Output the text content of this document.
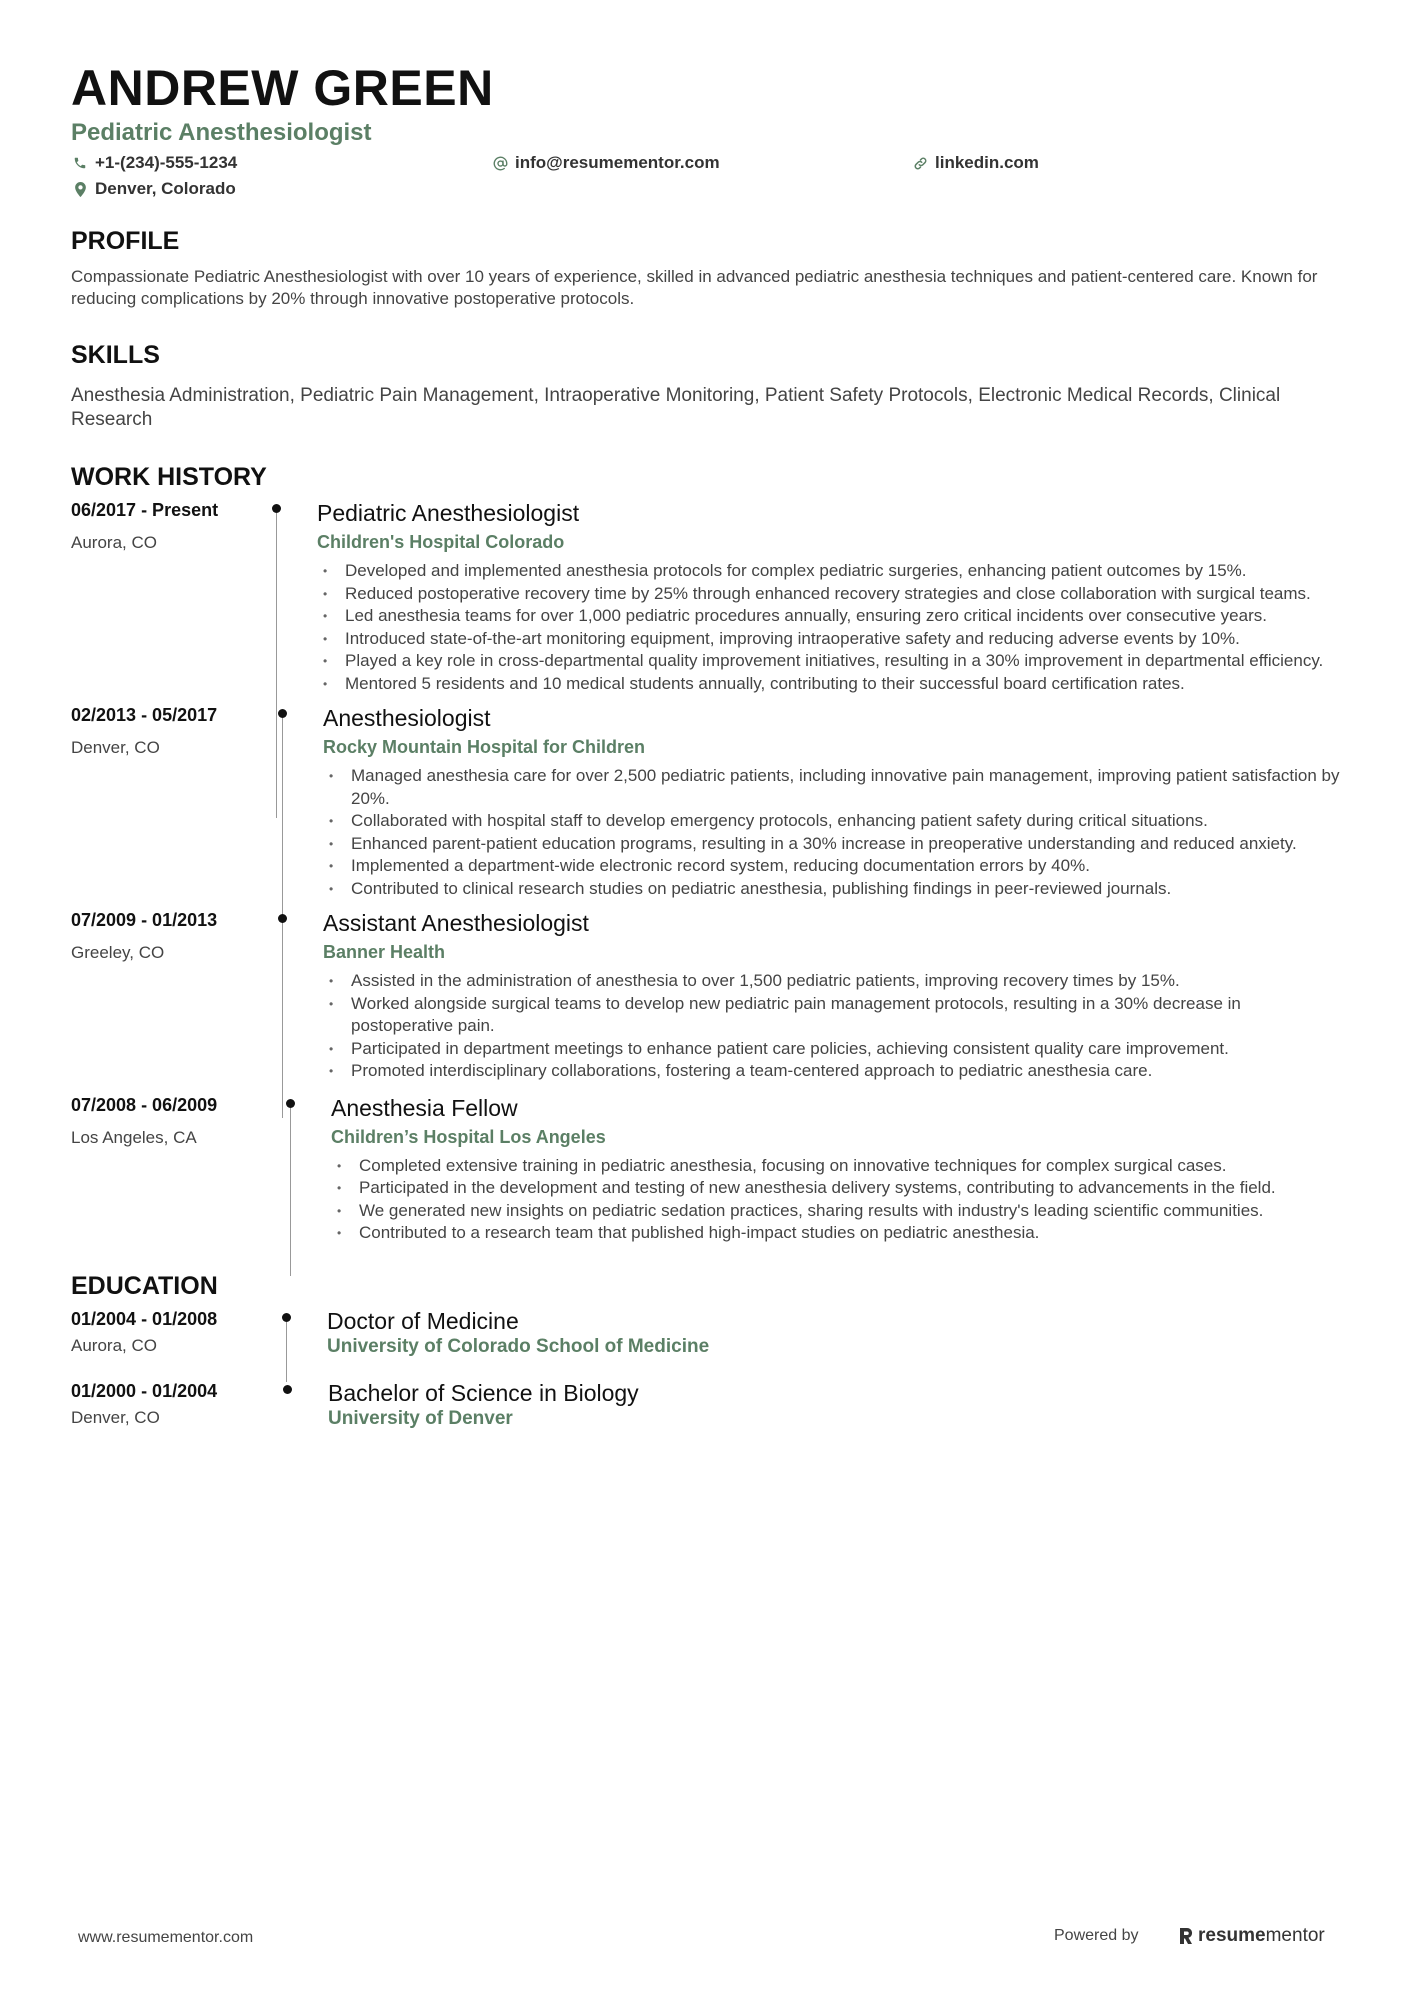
ANDREW GREEN
Pediatric Anesthesiologist
+1-(234)-555-1234	info@resumementor.com	linkedin.com
Denver, Colorado
PROFILE
Compassionate Pediatric Anesthesiologist with over 10 years of experience, skilled in advanced pediatric anesthesia techniques and patient-centered care. Known for reducing complications by 20% through innovative postoperative protocols.
SKILLS
Anesthesia Administration, Pediatric Pain Management, Intraoperative Monitoring, Patient Safety Protocols, Electronic Medical Records, Clinical Research
WORK HISTORY
06/2017 - Present
Aurora, CO
Pediatric Anesthesiologist
Children's Hospital Colorado
• Developed and implemented anesthesia protocols for complex pediatric surgeries, enhancing patient outcomes by 15%.
• Reduced postoperative recovery time by 25% through enhanced recovery strategies and close collaboration with surgical teams.
• Led anesthesia teams for over 1,000 pediatric procedures annually, ensuring zero critical incidents over consecutive years.
• Introduced state-of-the-art monitoring equipment, improving intraoperative safety and reducing adverse events by 10%.
• Played a key role in cross-departmental quality improvement initiatives, resulting in a 30% improvement in departmental efficiency.
• Mentored 5 residents and 10 medical students annually, contributing to their successful board certification rates.
02/2013 - 05/2017
Denver, CO
Anesthesiologist
Rocky Mountain Hospital for Children
• Managed anesthesia care for over 2,500 pediatric patients, including innovative pain management, improving patient satisfaction by 20%.
• Collaborated with hospital staff to develop emergency protocols, enhancing patient safety during critical situations.
• Enhanced parent-patient education programs, resulting in a 30% increase in preoperative understanding and reduced anxiety.
• Implemented a department-wide electronic record system, reducing documentation errors by 40%.
• Contributed to clinical research studies on pediatric anesthesia, publishing findings in peer-reviewed journals.
07/2009 - 01/2013
Greeley, CO
Assistant Anesthesiologist
Banner Health
• Assisted in the administration of anesthesia to over 1,500 pediatric patients, improving recovery times by 15%.
• Worked alongside surgical teams to develop new pediatric pain management protocols, resulting in a 30% decrease in postoperative pain.
• Participated in department meetings to enhance patient care policies, achieving consistent quality care improvement.
• Promoted interdisciplinary collaborations, fostering a team-centered approach to pediatric anesthesia care.
07/2008 - 06/2009
Los Angeles, CA
Anesthesia Fellow
Children’s Hospital Los Angeles
• Completed extensive training in pediatric anesthesia, focusing on innovative techniques for complex surgical cases.
• Participated in the development and testing of new anesthesia delivery systems, contributing to advancements in the field.
• We generated new insights on pediatric sedation practices, sharing results with industry's leading scientific communities.
• Contributed to a research team that published high-impact studies on pediatric anesthesia.
EDUCATION
01/2004 - 01/2008
Aurora, CO
Doctor of Medicine
University of Colorado School of Medicine
01/2000 - 01/2004
Denver, CO
Bachelor of Science in Biology
University of Denver
www.resumementor.com	Powered by	resume mentor
